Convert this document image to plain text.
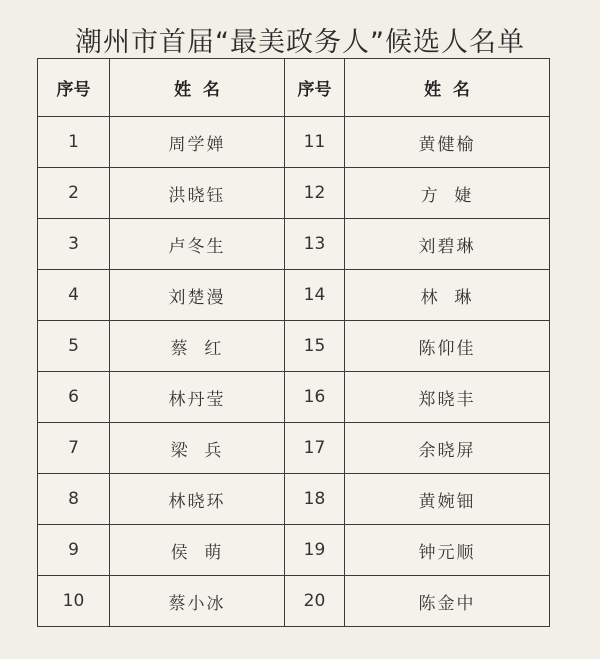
潮州市首届“最美政务人”候选人名单
序号	姓  名	序号	姓  名
1	周学婵	11	黄健榆
2	洪晓钰	12	方  婕
3	卢冬生	13	刘碧琳
4	刘楚漫	14	林  琳
5	蔡  红	15	陈仰佳
6	林丹莹	16	郑晓丰
7	梁  兵	17	余晓屏
8	林晓环	18	黄婉钿
9	侯  萌	19	钟元顺
10	蔡小冰	20	陈金中
